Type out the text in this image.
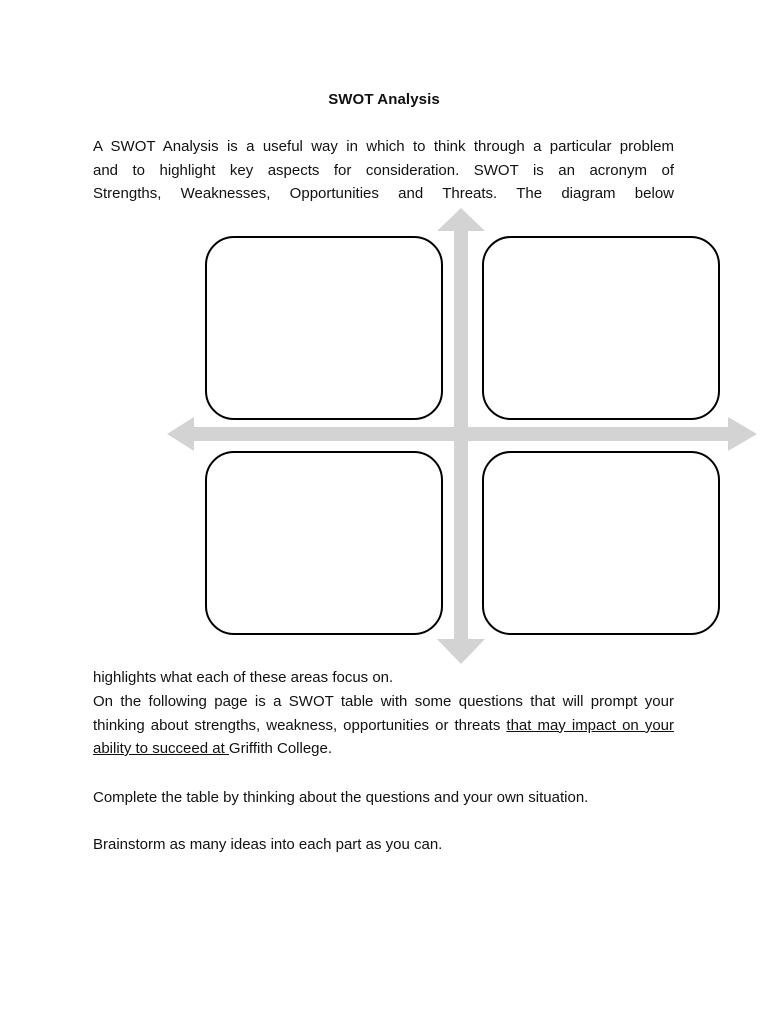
SWOT Analysis
A SWOT Analysis is a useful way in which to think through a particular problem
and to highlight key aspects for consideration. SWOT is an acronym of
Strengths, Weaknesses, Opportunities and Threats. The diagram below

highlights what each of these areas focus on.

On the following page is a SWOT table with some questions that will prompt your thinking about strengths, weakness, opportunities or threats that may impact on your ability to succeed at Griffith College.

Complete the table by thinking about the questions and your own situation.

Brainstorm as many ideas into each part as you can.
